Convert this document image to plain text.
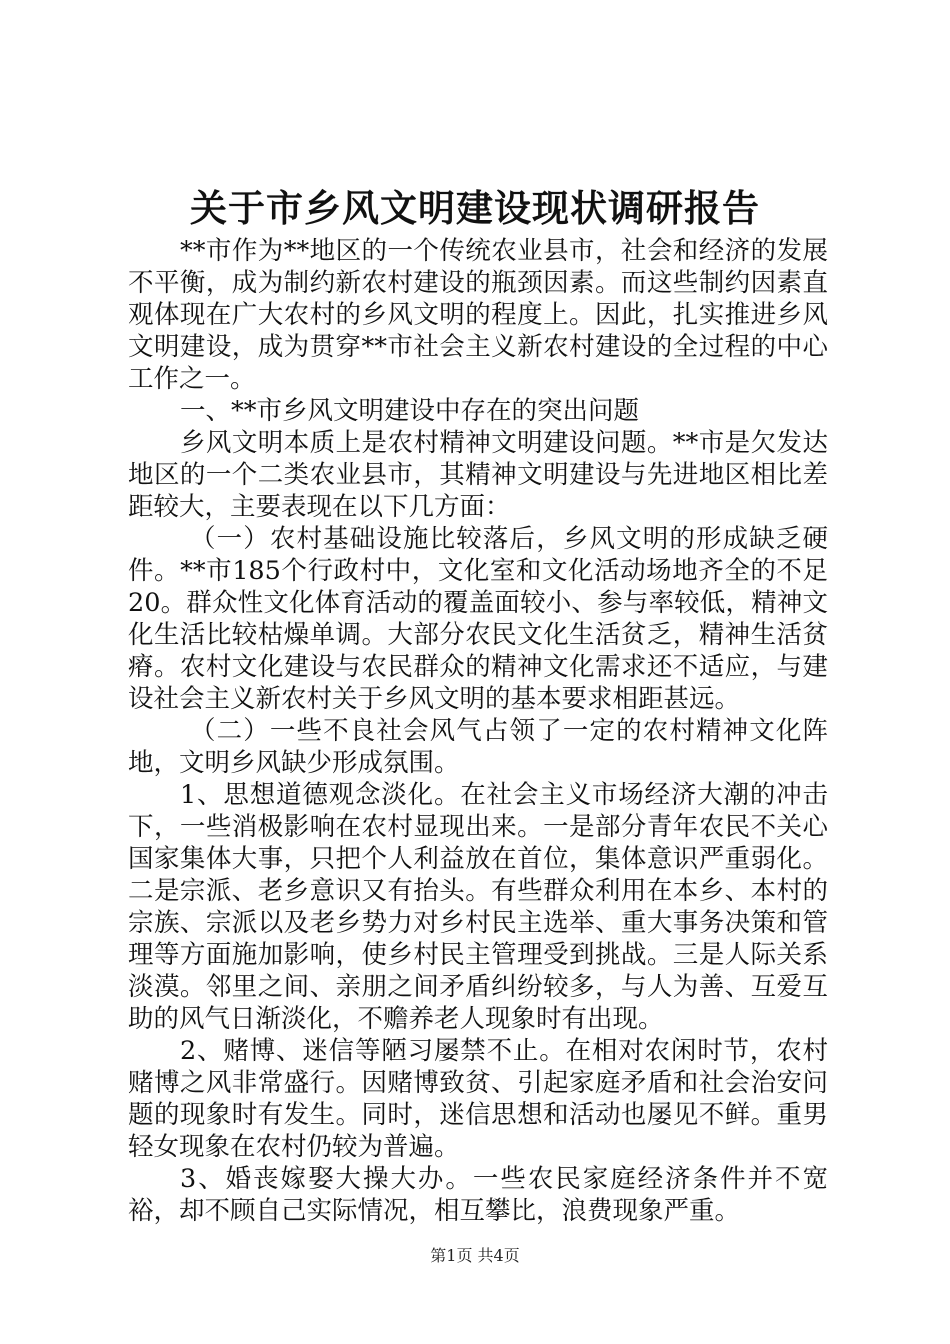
关于市乡风文明建设现状调研报告

**市作为**地区的一个传统农业县市，社会和经济的发展不平衡，成为制约新农村建设的瓶颈因素。而这些制约因素直观体现在广大农村的乡风文明的程度上。因此，扎实推进乡风文明建设，成为贯穿**市社会主义新农村建设的全过程的中心工作之一。

一、**市乡风文明建设中存在的突出问题

乡风文明本质上是农村精神文明建设问题。**市是欠发达地区的一个二类农业县市，其精神文明建设与先进地区相比差距较大，主要表现在以下几方面：

（一）农村基础设施比较落后，乡风文明的形成缺乏硬件。**市185个行政村中，文化室和文化活动场地齐全的不足20。群众性文化体育活动的覆盖面较小、参与率较低，精神文化生活比较枯燥单调。大部分农民文化生活贫乏，精神生活贫瘠。农村文化建设与农民群众的精神文化需求还不适应，与建设社会主义新农村关于乡风文明的基本要求相距甚远。

（二）一些不良社会风气占领了一定的农村精神文化阵地，文明乡风缺少形成氛围。

1、思想道德观念淡化。在社会主义市场经济大潮的冲击下，一些消极影响在农村显现出来。一是部分青年农民不关心国家集体大事，只把个人利益放在首位，集体意识严重弱化。二是宗派、老乡意识又有抬头。有些群众利用在本乡、本村的宗族、宗派以及老乡势力对乡村民主选举、重大事务决策和管理等方面施加影响，使乡村民主管理受到挑战。三是人际关系淡漠。邻里之间、亲朋之间矛盾纠纷较多，与人为善、互爱互助的风气日渐淡化，不赡养老人现象时有出现。

2、赌博、迷信等陋习屡禁不止。在相对农闲时节，农村赌博之风非常盛行。因赌博致贫、引起家庭矛盾和社会治安问题的现象时有发生。同时，迷信思想和活动也屡见不鲜。重男轻女现象在农村仍较为普遍。

3、婚丧嫁娶大操大办。一些农民家庭经济条件并不宽裕，却不顾自己实际情况，相互攀比，浪费现象严重。

第1页 共4页
